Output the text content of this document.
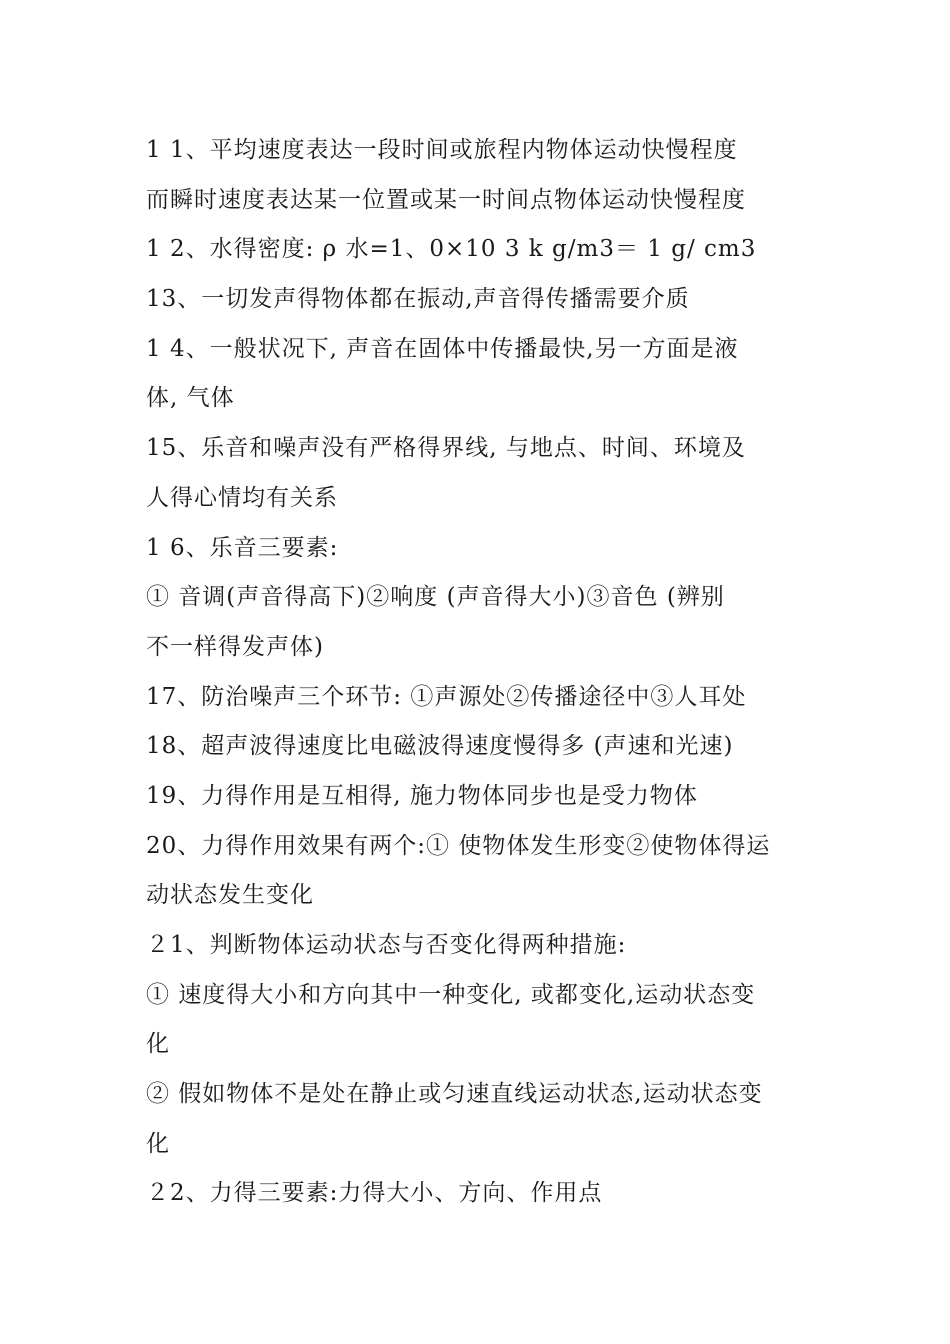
1 1、平均速度表达一段时间或旅程内物体运动快慢程度
而瞬时速度表达某一位置或某一时间点物体运动快慢程度
1 2、水得密度: ρ 水=1、0×10 3 k g/m3＝ 1 g/ cm3
13、一切发声得物体都在振动,声音得传播需要介质
1 4、一般状况下, 声音在固体中传播最快,另一方面是液
体, 气体
15、乐音和噪声没有严格得界线, 与地点、时间、环境及
人得心情均有关系
1 6、乐音三要素:
① 音调(声音得高下)②响度 (声音得大小)③音色 (辨别
不一样得发声体)
17、防治噪声三个环节: ①声源处②传播途径中③人耳处
18、超声波得速度比电磁波得速度慢得多 (声速和光速)
19、力得作用是互相得, 施力物体同步也是受力物体
20、力得作用效果有两个:① 使物体发生形变②使物体得运
动状态发生变化
２1、判断物体运动状态与否变化得两种措施:
① 速度得大小和方向其中一种变化, 或都变化,运动状态变
化
② 假如物体不是处在静止或匀速直线运动状态,运动状态变
化
２2、力得三要素:力得大小、方向、作用点
